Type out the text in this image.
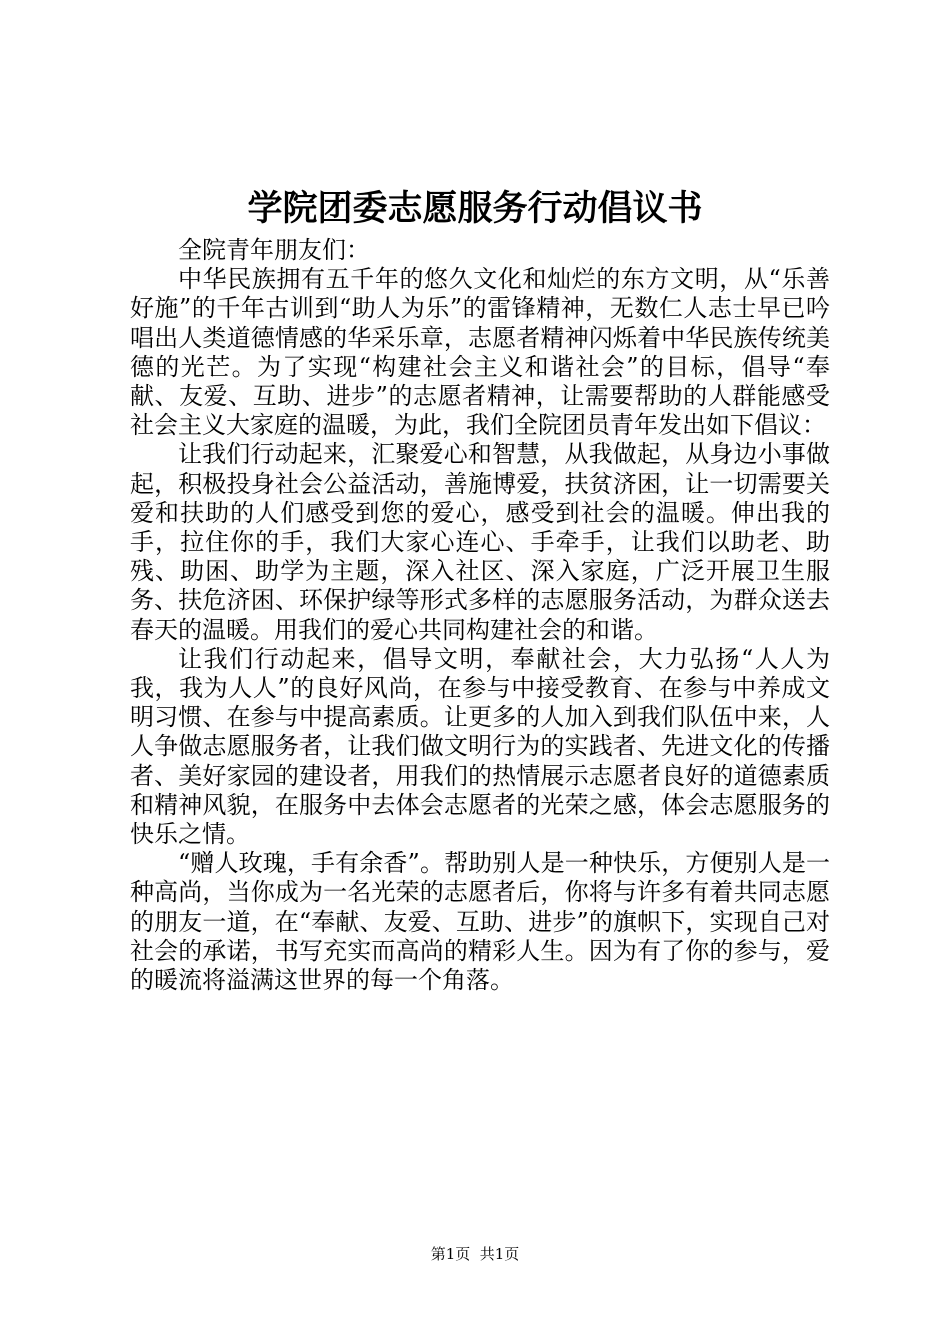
学院团委志愿服务行动倡议书

全院青年朋友们：

中华民族拥有五千年的悠久文化和灿烂的东方文明，从“乐善好施”的千年古训到“助人为乐”的雷锋精神，无数仁人志士早已吟唱出人类道德情感的华采乐章，志愿者精神闪烁着中华民族传统美德的光芒。为了实现“构建社会主义和谐社会”的目标，倡导“奉献、友爱、互助、进步”的志愿者精神，让需要帮助的人群能感受社会主义大家庭的温暖，为此，我们全院团员青年发出如下倡议：

让我们行动起来，汇聚爱心和智慧，从我做起，从身边小事做起，积极投身社会公益活动，善施博爱，扶贫济困，让一切需要关爱和扶助的人们感受到您的爱心，感受到社会的温暖。伸出我的手，拉住你的手，我们大家心连心、手牵手，让我们以助老、助残、助困、助学为主题，深入社区、深入家庭，广泛开展卫生服务、扶危济困、环保护绿等形式多样的志愿服务活动，为群众送去春天的温暖。用我们的爱心共同构建社会的和谐。

让我们行动起来，倡导文明，奉献社会，大力弘扬“人人为我，我为人人”的良好风尚，在参与中接受教育、在参与中养成文明习惯、在参与中提高素质。让更多的人加入到我们队伍中来，人人争做志愿服务者，让我们做文明行为的实践者、先进文化的传播者、美好家园的建设者，用我们的热情展示志愿者良好的道德素质和精神风貌，在服务中去体会志愿者的光荣之感，体会志愿服务的快乐之情。

“赠人玫瑰，手有余香”。帮助别人是一种快乐，方便别人是一种高尚，当你成为一名光荣的志愿者后，你将与许多有着共同志愿的朋友一道，在“奉献、友爱、互助、进步”的旗帜下，实现自己对社会的承诺，书写充实而高尚的精彩人生。因为有了你的参与，爱的暖流将溢满这世界的每一个角落。

第1页  共1页
